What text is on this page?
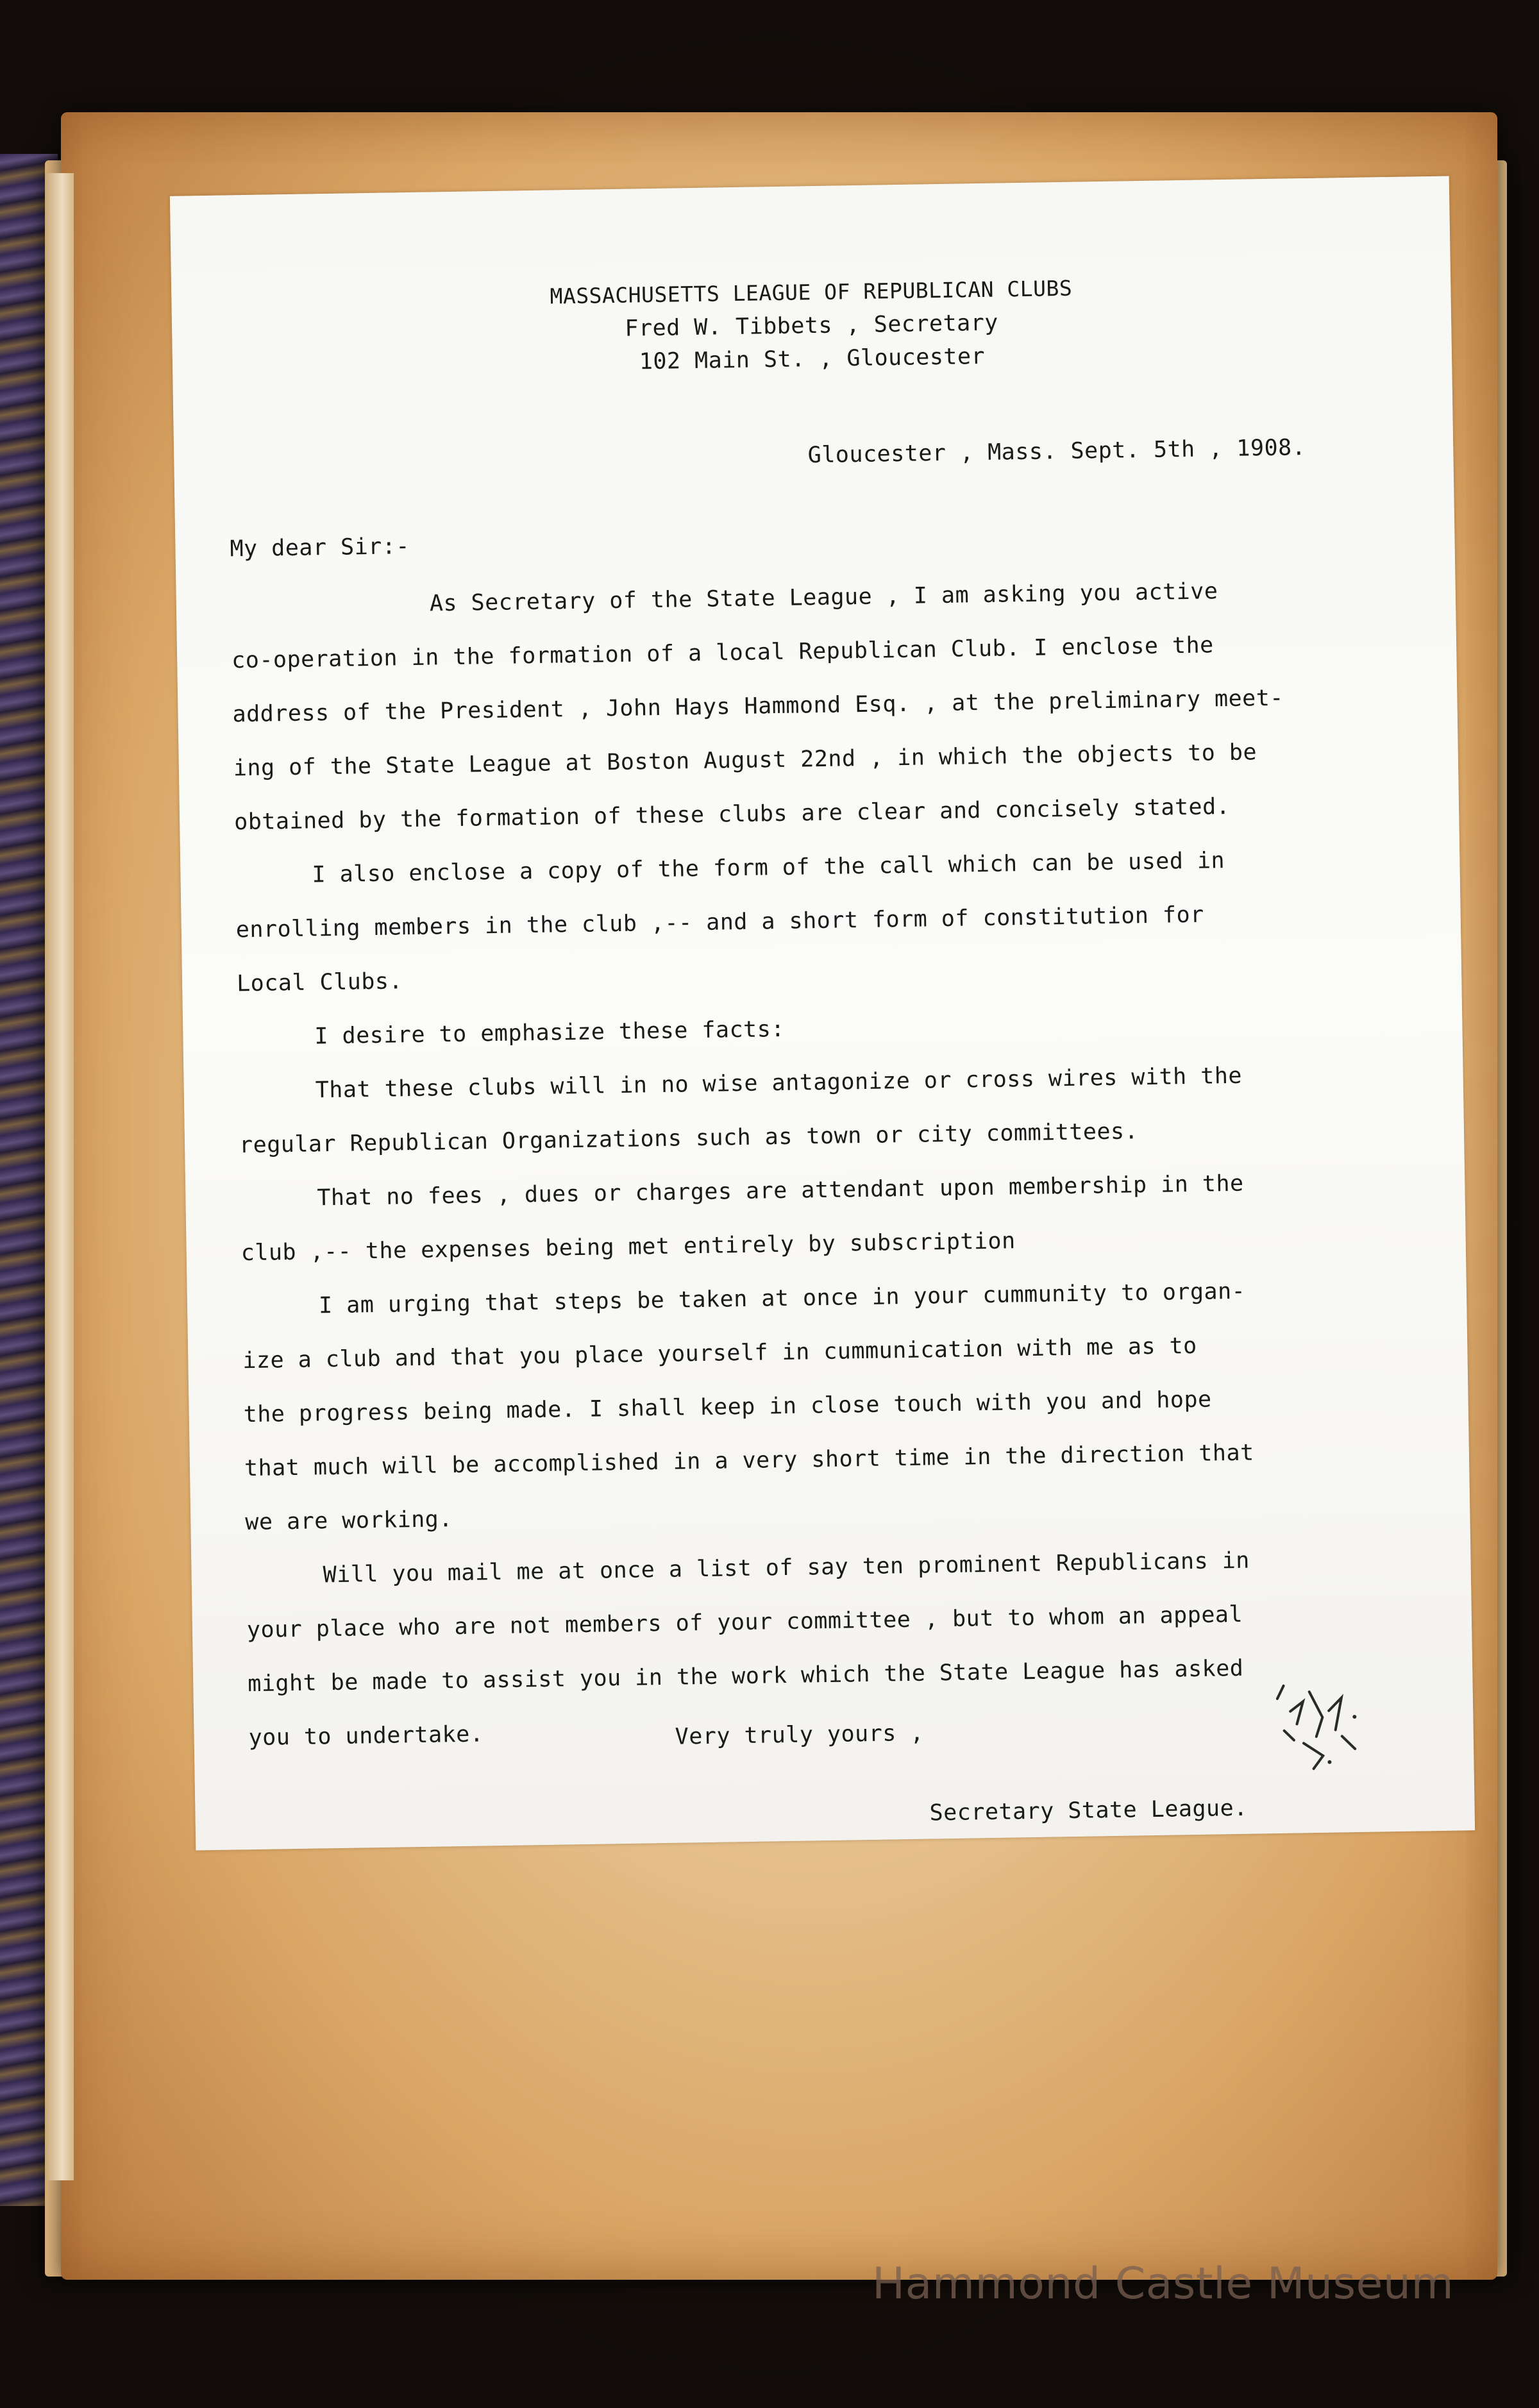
MASSACHUSETTS LEAGUE OF REPUBLICAN CLUBS
Fred W. Tibbets , Secretary
102 Main St. , Gloucester
Gloucester , Mass. Sept. 5th , 1908.
My dear Sir:-
As Secretary of the State League , I am asking you active
co-operation in the formation of a local Republican Club. I enclose the
address of the President , John Hays Hammond Esq. , at the preliminary meet-
ing of the State League at Boston August 22nd , in which the objects to be
obtained by the formation of these clubs are clear and concisely stated.
I also enclose a copy of the form of the call which can be used in
enrolling members in the club ,-- and a short form of constitution for
Local Clubs.
I desire to emphasize these facts:
That these clubs will in no wise antagonize or cross wires with the
regular Republican Organizations such as town or city committees.
That no fees , dues or charges are attendant upon membership in the
club ,-- the expenses being met entirely by subscription
I am urging that steps be taken at once in your cummunity to organ-
ize a club and that you place yourself in cummunication with me as to
the progress being made. I shall keep in close touch with you and hope
that much will be accomplished in a very short time in the direction that
we are working.
Will you mail me at once a list of say ten prominent Republicans in
your place who are not members of your committee , but to whom an appeal
might be made to assist you in the work which the State League has asked
you to undertake.	Very truly yours ,
Secretary State League.
Hammond Castle Museum
